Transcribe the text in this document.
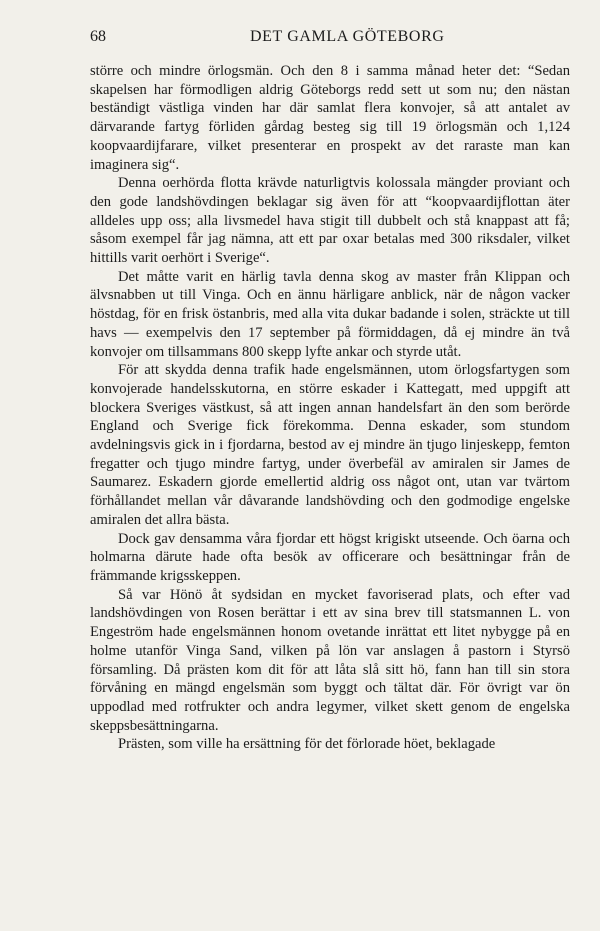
68	DET GAMLA GÖTEBORG

större och mindre örlogsmän. Och den 8 i samma månad heter det: “Sedan skapelsen har förmodligen aldrig Göteborgs redd sett ut som nu; den nästan beständigt västliga vinden har där samlat flera konvojer, så att antalet av därvarande fartyg förliden gårdag besteg sig till 19 örlogsmän och 1,124 koopvaardijfarare, vilket presenterar en prospekt av det raraste man kan imaginera sig“.

Denna oerhörda flotta krävde naturligtvis kolossala mängder proviant och den gode landshövdingen beklagar sig även för att “koopvaardijflottan äter alldeles upp oss; alla livsmedel hava stigit till dubbelt och stå knappast att få; såsom exempel får jag nämna, att ett par oxar betalas med 300 riksdaler, vilket hittills varit oerhört i Sverige“.

Det måtte varit en härlig tavla denna skog av master från Klippan och älvsnabben ut till Vinga. Och en ännu härligare anblick, när de någon vacker höstdag, för en frisk östanbris, med alla vita dukar badande i solen, sträckte ut till havs — exempelvis den 17 september på förmiddagen, då ej mindre än två konvojer om tillsammans 800 skepp lyfte ankar och styrde utåt.

För att skydda denna trafik hade engelsmännen, utom örlogsfartygen som konvojerade handelsskutorna, en större eskader i Kattegatt, med uppgift att blockera Sveriges västkust, så att ingen annan handelsfart än den som berörde England och Sverige fick förekomma. Denna eskader, som stundom avdelningsvis gick in i fjordarna, bestod av ej mindre än tjugo linjeskepp, femton fregatter och tjugo mindre fartyg, under överbefäl av amiralen sir James de Saumarez. Eskadern gjorde emellertid aldrig oss något ont, utan var tvärtom förhållandet mellan vår dåvarande landshövding och den godmodige engelske amiralen det allra bästa.

Dock gav densamma våra fjordar ett högst krigiskt utseende. Och öarna och holmarna därute hade ofta besök av officerare och besättningar från de främmande krigsskeppen.

Så var Hönö åt sydsidan en mycket favoriserad plats, och efter vad landshövdingen von Rosen berättar i ett av sina brev till statsmannen L. von Engeström hade engelsmännen honom ovetande inrättat ett litet nybygge på en holme utanför Vinga Sand, vilken på lön var anslagen å pastorn i Styrsö församling. Då prästen kom dit för att låta slå sitt hö, fann han till sin stora förvåning en mängd engelsmän som byggt och tältat där. För övrigt var ön uppodlad med rotfrukter och andra legymer, vilket skett genom de engelska skeppsbesättningarna.

Prästen, som ville ha ersättning för det förlorade höet, beklagade
